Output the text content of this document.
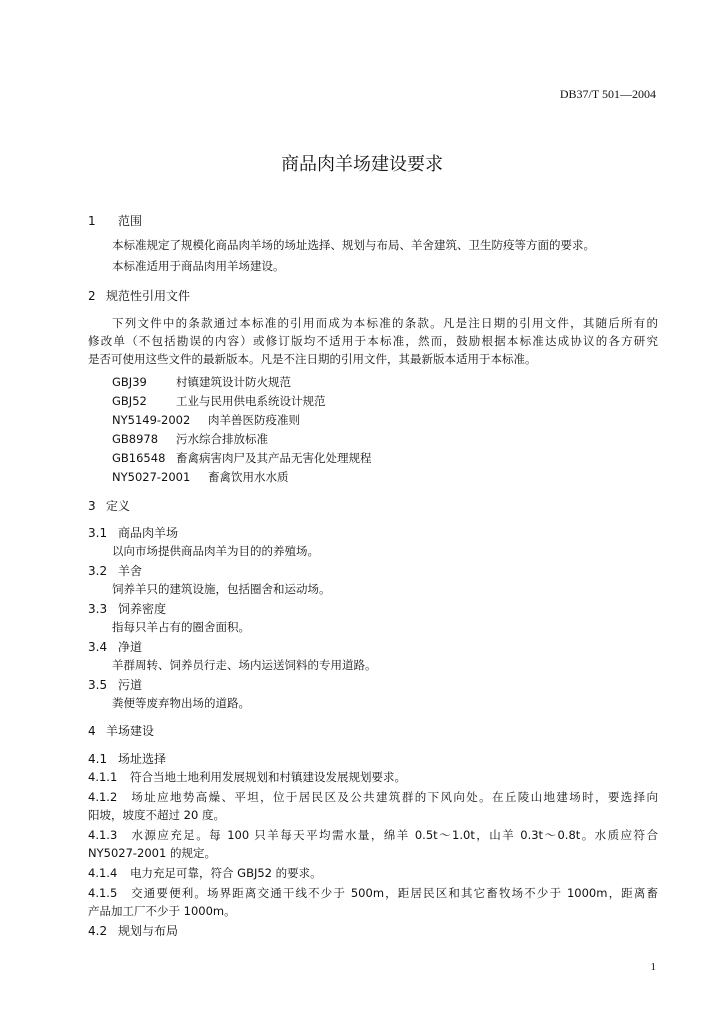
DB37/T 501—2004
商品肉羊场建设要求
1 范围
本标准规定了规模化商品肉羊场的场址选择、规划与布局、羊舍建筑、卫生防疫等方面的要求。
本标准适用于商品肉用羊场建设。
2 规范性引用文件
下列文件中的条款通过本标准的引用而成为本标准的条款。凡是注日期的引用文件，其随后所有的
修改单（不包括勘误的内容）或修订版均不适用于本标准，然而，鼓励根据本标准达成协议的各方研究
是否可使用这些文件的最新版本。凡是不注日期的引用文件，其最新版本适用于本标准。
GBJ39	村镇建筑设计防火规范
GBJ52	工业与民用供电系统设计规范
NY5149-2002 肉羊兽医防疫准则
GB8978 污水综合排放标准
GB16548 畜禽病害肉尸及其产品无害化处理规程
NY5027-2001 畜禽饮用水水质
3 定义
3.1 商品肉羊场
以向市场提供商品肉羊为目的的养殖场。
3.2 羊舍
饲养羊只的建筑设施，包括圈舍和运动场。
3.3 饲养密度
指每只羊占有的圈舍面积。
3.4 净道
羊群周转、饲养员行走、场内运送饲料的专用道路。
3.5 污道
粪便等废弃物出场的道路。
4 羊场建设
4.1 场址选择
4.1.1 符合当地土地利用发展规划和村镇建设发展规划要求。
4.1.2 场址应地势高燥、平坦，位于居民区及公共建筑群的下风向处。在丘陵山地建场时，要选择向
阳坡，坡度不超过 20 度。
4.1.3 水源应充足。每 100 只羊每天平均需水量，绵羊 0.5t～1.0t，山羊 0.3t～0.8t。水质应符合
NY5027-2001 的规定。
4.1.4 电力充足可靠，符合 GBJ52 的要求。
4.1.5 交通要便利。场界距离交通干线不少于 500m，距居民区和其它畜牧场不少于 1000m，距离畜
产品加工厂不少于 1000m。
4.2 规划与布局
1
